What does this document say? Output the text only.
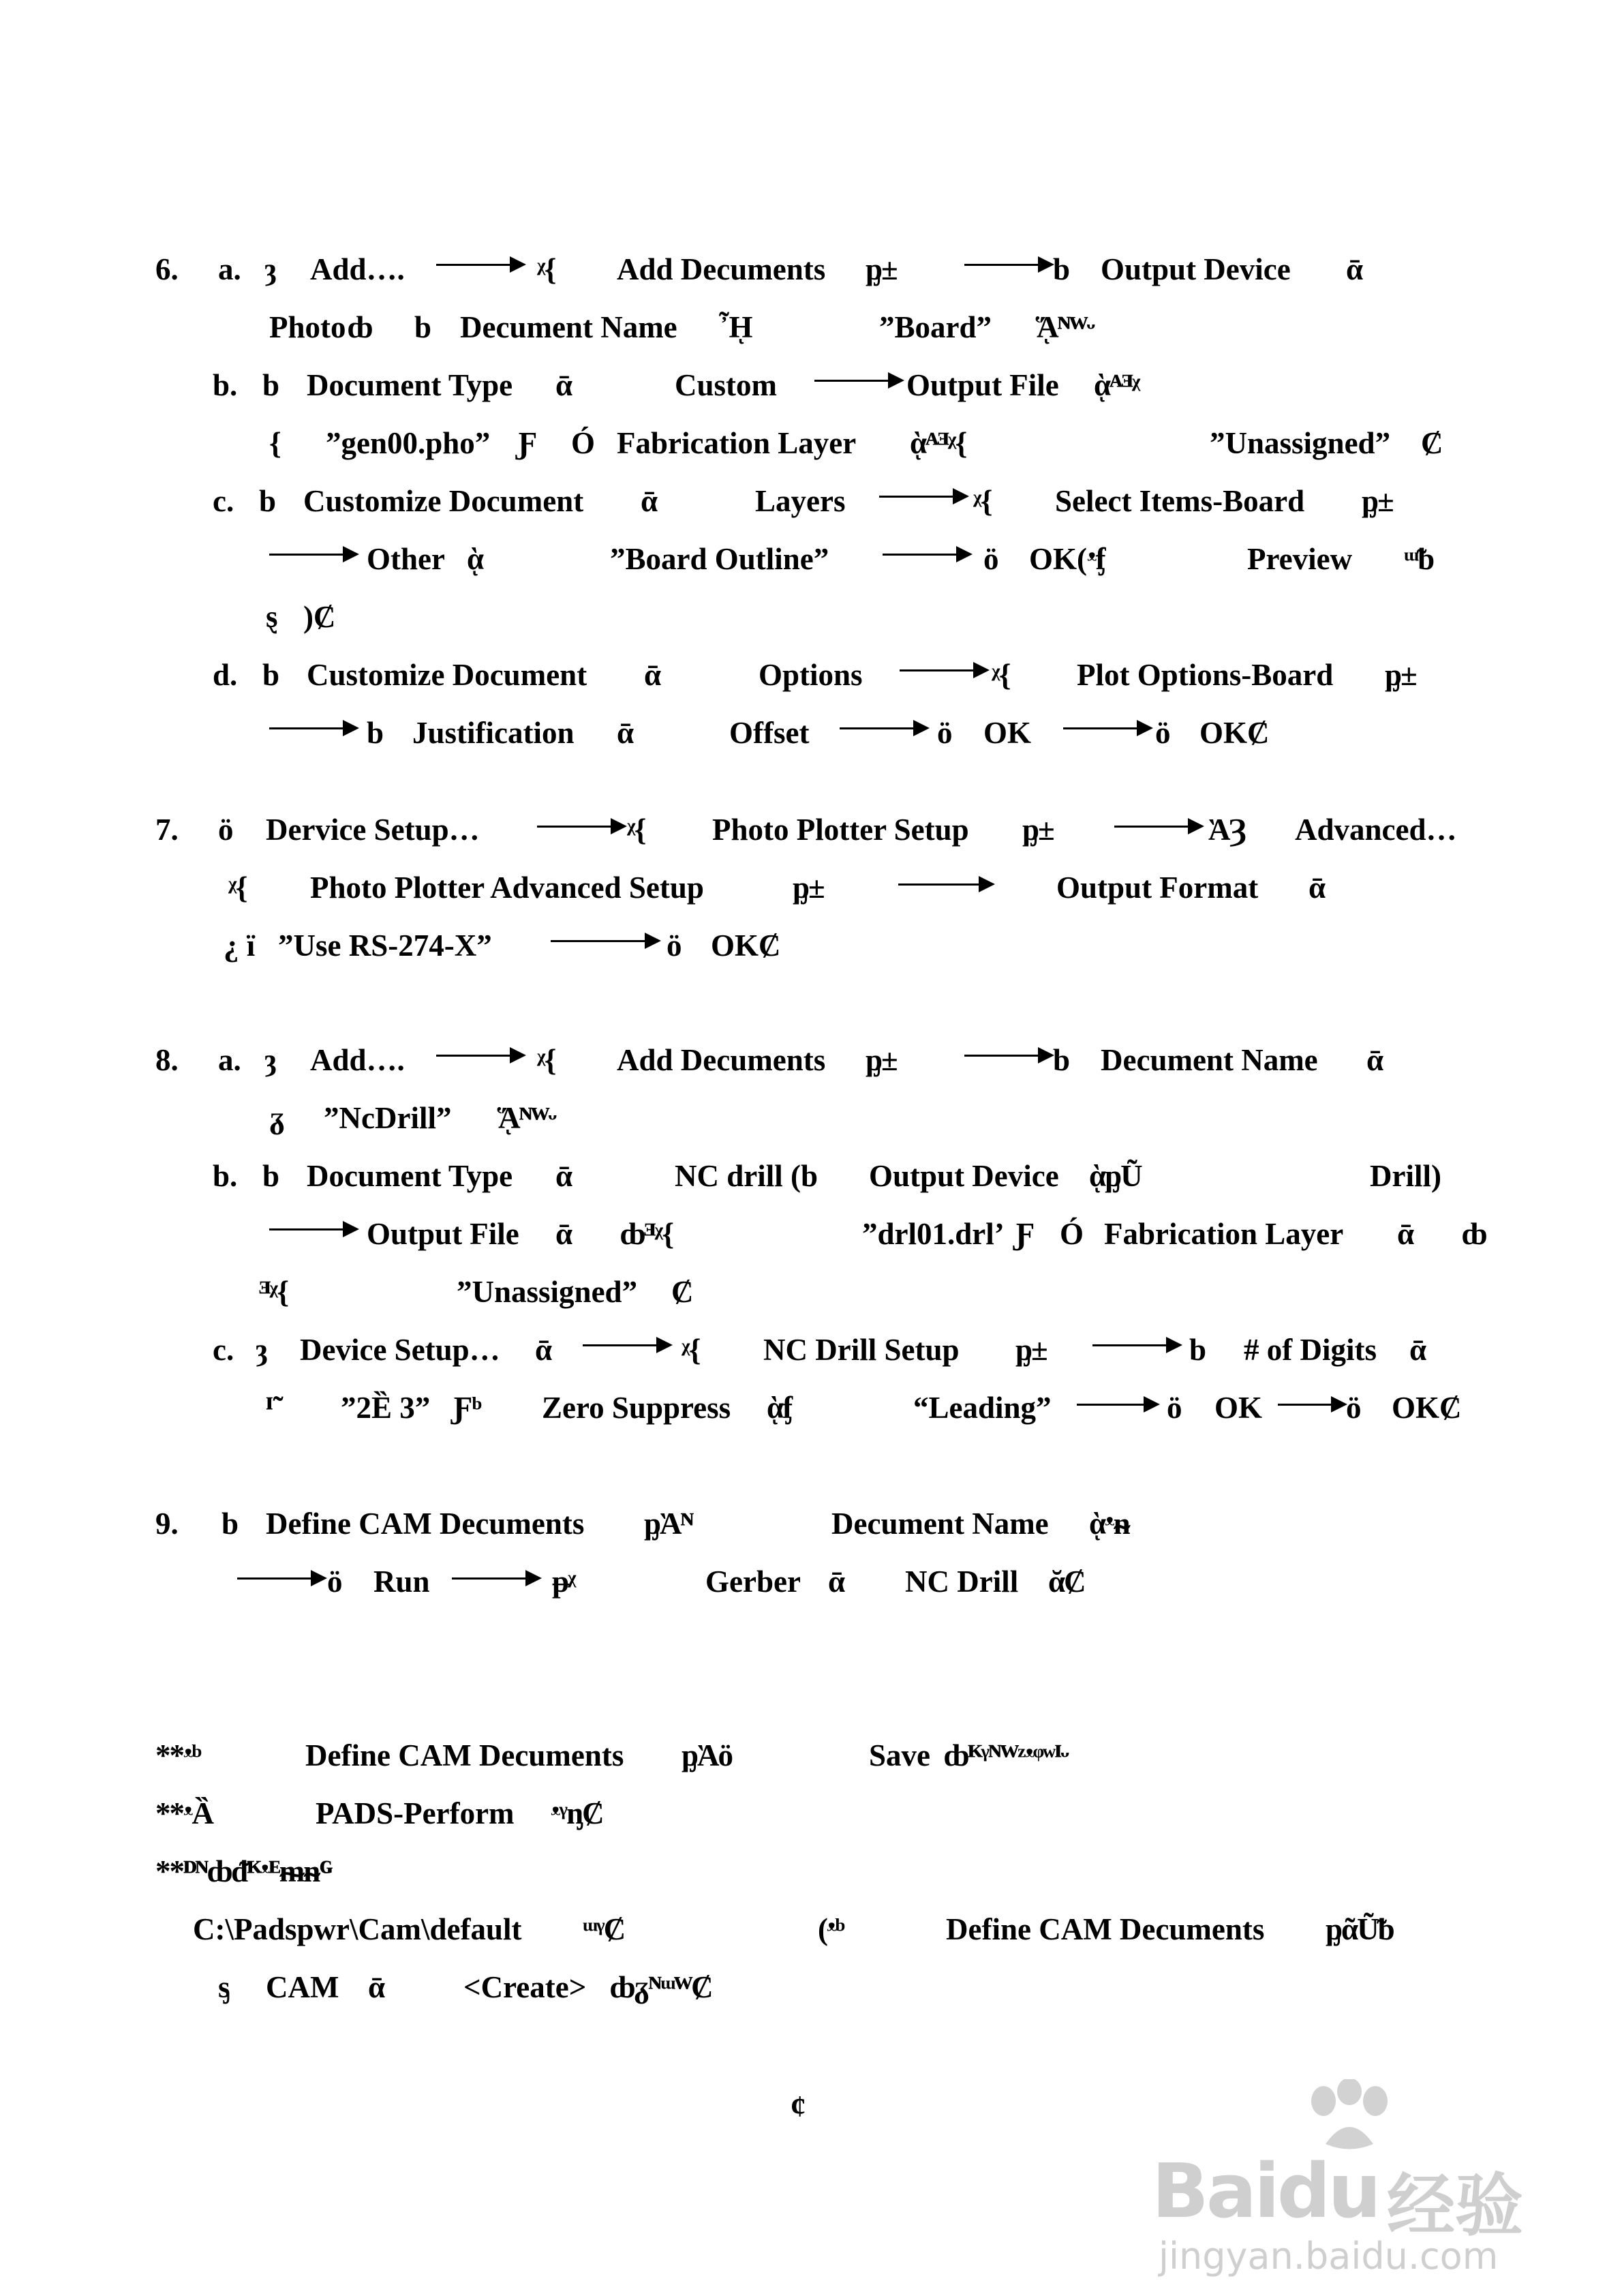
6. a. ȝ Add….	ᵡ{ Add Decuments ᶈ±	b Output Device ᾱ
Photo ȸ b Decument Name ᾞ	”Board” ᾍᴺᵂᵕ
b. b Document Type ᾱ	Custom	Output File ᾲᴬᴲᵡ
{ ”gen00.pho” Ƒ Ó Fabrication Layer ᾲᴬᴲᵡ{	”Unassigned” Ȼ
c. b Customize Document ᾱ	Layers	ᵡ{ Select Items-Board ᶈ±
Other ᾲ	”Board Outline”	ӧ OK( ᵜᶂ	Preview ᵚᵬ
ȿ )Ȼ
d. b Customize Document ᾱ	Options	ᵡ{ Plot Options-Board ᶈ±
b Justification ᾱ	Offset	ӧ OK	ӧ OKȻ
7. ӧ Dervice Setup…	ᵡ{ Photo Plotter Setup ᶈ±	ᾺȜ Advanced…
ᵡ{ Photo Plotter Advanced Setup	ᶈ±	Output Format ᾱ
¿ ï ”Use RS-274-X”	ӧ OKȻ
8. a. ȝ Add….	ᵡ{ Add Decuments ᶈ±	b Decument Name ᾱ
ᵹ ”NcDrill” ᾍᴺᵂᵕ
b. b Document Type ᾱ	NC drill (b Output Device ᾲᶈŨ	Drill)
Output File ᾱ ȸᴲᵡ{	”drl01.drl’ Ƒ Ó Fabrication Layer ᾱ ȸ
ᴲᵡ{	”Unassigned” Ȼ
c. ȝ Device Setup… ᾱ	ᵡ{ NC Drill Setup ᶈ±	b # of Digits ᾱ
ᴵ˜ ”2Ȅ 3” Ƒᵇ Zero Suppress ᾲᶂ	“Leading”	ӧ OK	ӧ OKȻ
9. b Define CAM Decuments ᶈᾺᴺ	Decument Name ᾲᵜᵰ
ӧ Run	ᵽᵡ	Gerber ᾱ NC Drill ᾰȻ
**ᵜᵇ	Define CAM Decuments ᶈᾺӧ	Save ȸᴷᵞᴺᵂᶻᵜᵠʷᴵᵕ
**ᵜȀ	PADS-Perform ᵜᵞᶇȻ
**ᴰᴺȸᵭᴷᵜᴱᵯᵰᴳ
C:\Padspwr\Cam\default ᵚᵞȻ	(ᵜᵇ	Define CAM Decuments ᶈᾶŨᵬ
ᶊ CAM ᾱ	<Create> ȸᵹᴺᵚᵂȻ
ȼ
Baidu 经验
jingyan.baidu.com
